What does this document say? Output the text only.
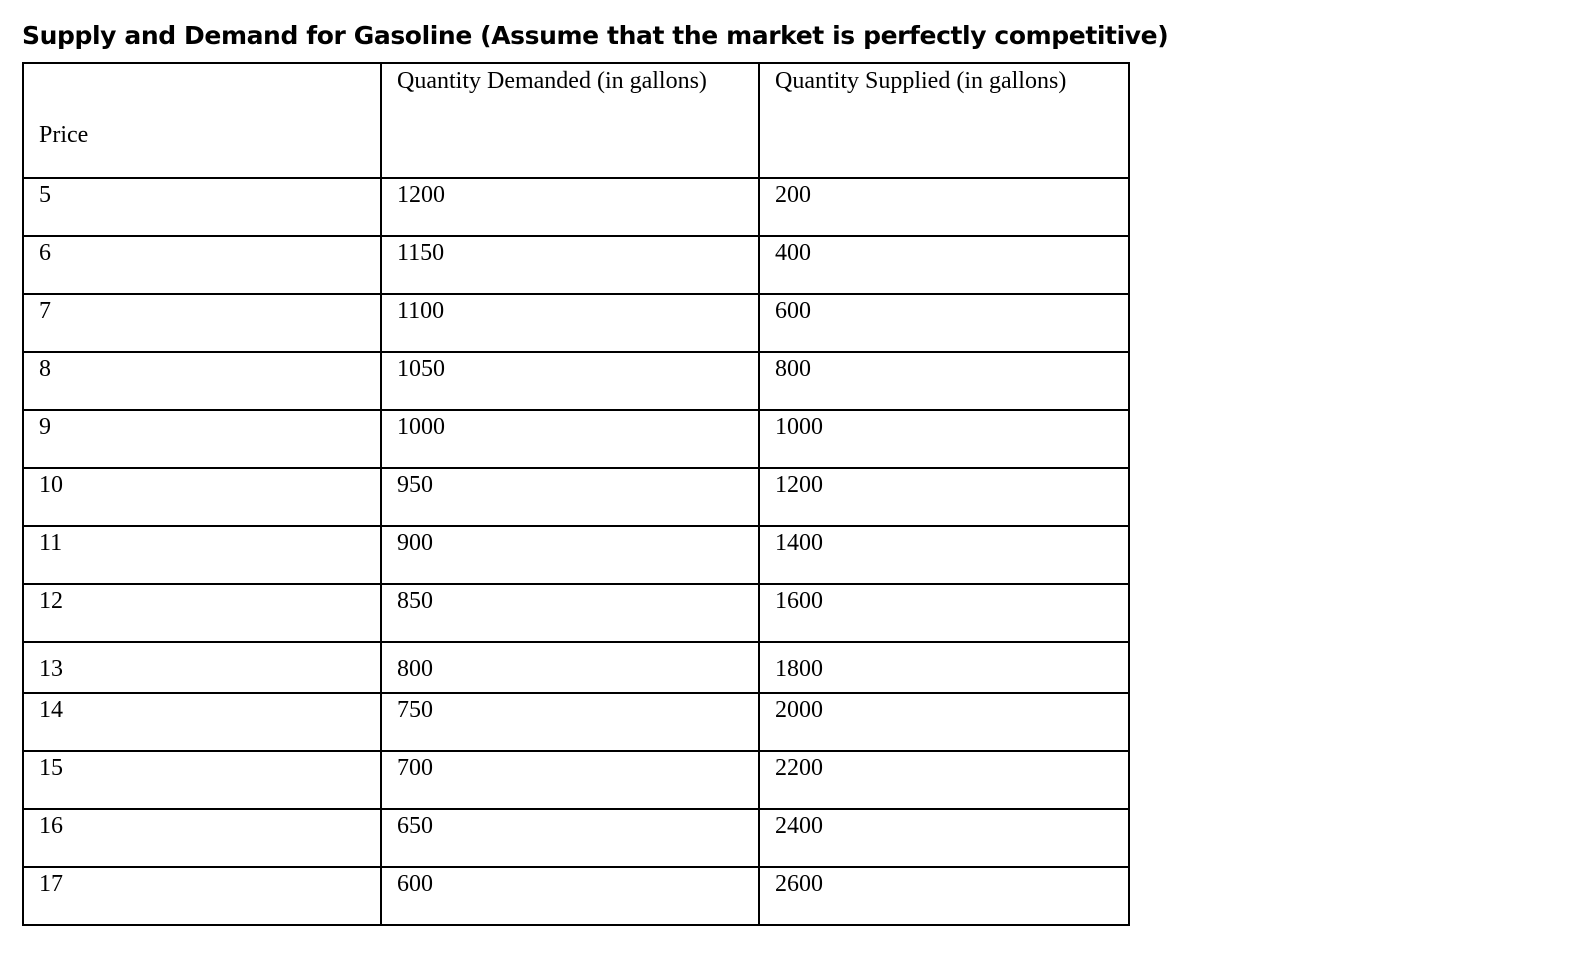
Supply and Demand for Gasoline (Assume that the market is perfectly competitive)
Price	Quantity Demanded (in gallons)	Quantity Supplied (in gallons)
5	1200	200
6	1150	400
7	1100	600
8	1050	800
9	1000	1000
10	950	1200
11	900	1400
12	850	1600
13	800	1800
14	750	2000
15	700	2200
16	650	2400
17	600	2600
